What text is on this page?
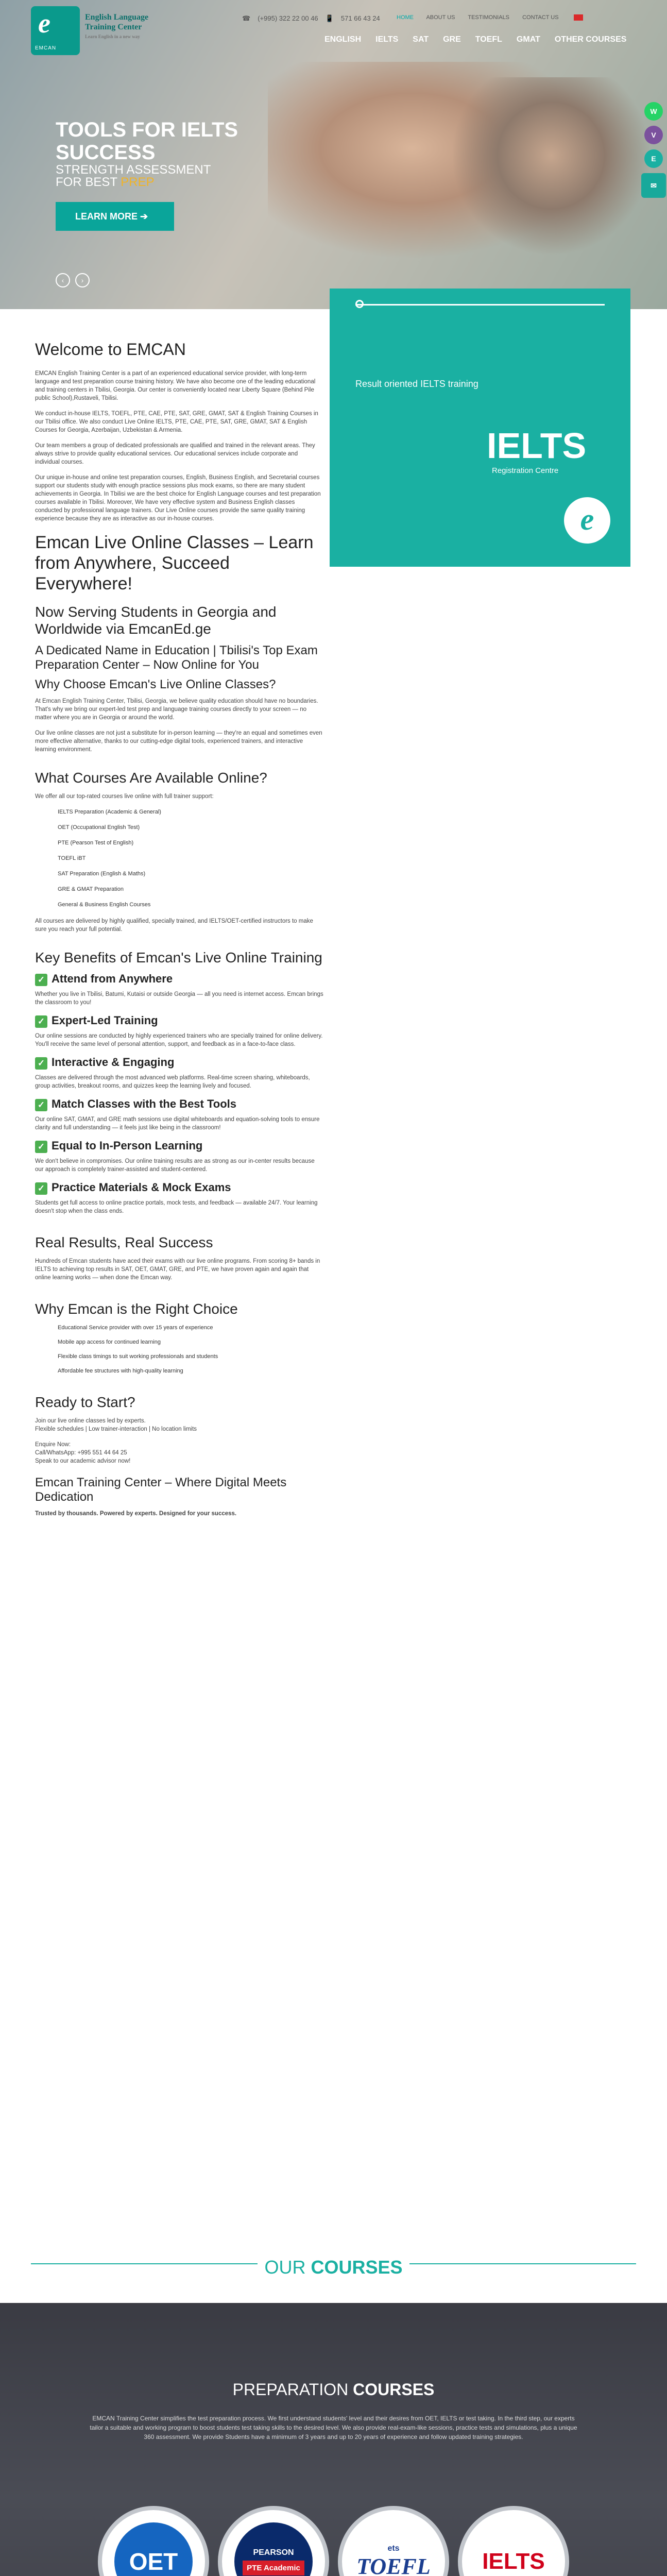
TOOLS FOR IELTS
SUCCESS
STRENGTH ASSESSMENT
FOR BEST PREP
LEARN MORE ➔
‹ ›
e
EMCAN
English Language
Training Center
Learn English in a new way
☎ (+995) 322 22 00 46 📱 571 66 43 24	HOME ABOUT US TESTIMONIALS CONTACT US
ENGLISH	IELTS	SAT	GRE	TOEFL	GMAT	OTHER COURSES
W
V
E
✉
Result oriented IELTS training
IELTS
Registration Centre
e
Welcome to EMCAN

EMCAN English Training Center is a part of an experienced educational service provider, with long-term language and test preparation course training history. We have also become one of the leading educational and training centers in Tbilisi, Georgia. Our center is conveniently located near Liberty Square (Behind Pile public School),Rustaveli, Tbilisi.

We conduct in-house IELTS, TOEFL, PTE, CAE, PTE, SAT, GRE, GMAT, SAT & English Training Courses in our Tbilisi office. We also conduct Live Online IELTS, PTE, CAE, PTE, SAT, GRE, GMAT, SAT & English Courses for Georgia, Azerbaijan, Uzbekistan & Armenia.

Our team members a group of dedicated professionals are qualified and trained in the relevant areas. They always strive to provide quality educational services. Our educational services include corporate and individual courses.

Our unique in-house and online test preparation courses, English, Business English, and Secretarial courses support our students study with enough practice sessions plus mock exams, so there are many student achievements in Georgia. In Tbilisi we are the best choice for English Language courses and test preparation courses available in Tbilisi. Moreover, We have very effective system and Business English classes conducted by professional language trainers. Our Live Online courses provide the same quality training experience because they are as interactive as our in-house courses.

Emcan Live Online Classes – Learn from Anywhere, Succeed Everywhere!
Now Serving Students in Georgia and Worldwide via EmcanEd.ge
A Dedicated Name in Education | Tbilisi's Top Exam Preparation Center – Now Online for You
Why Choose Emcan's Live Online Classes?

At Emcan English Training Center, Tbilisi, Georgia, we believe quality education should have no boundaries. That's why we bring our expert-led test prep and language training courses directly to your screen — no matter where you are in Georgia or around the world.

Our live online classes are not just a substitute for in-person learning — they're an equal and sometimes even more effective alternative, thanks to our cutting-edge digital tools, experienced trainers, and interactive learning environment.

What Courses Are Available Online?

We offer all our top-rated courses live online with full trainer support:

IELTS Preparation (Academic & General)
OET (Occupational English Test)
PTE (Pearson Test of English)
TOEFL iBT
SAT Preparation (English & Maths)
GRE & GMAT Preparation
General & Business English Courses

All courses are delivered by highly qualified, specially trained, and IELTS/OET-certified instructors to make sure you reach your full potential.

Key Benefits of Emcan's Live Online Training
✓ Attend from Anywhere

Whether you live in Tbilisi, Batumi, Kutaisi or outside Georgia — all you need is internet access. Emcan brings the classroom to you!

✓ Expert-Led Training

Our online sessions are conducted by highly experienced trainers who are specially trained for online delivery. You'll receive the same level of personal attention, support, and feedback as in a face-to-face class.

✓ Interactive & Engaging

Classes are delivered through the most advanced web platforms. Real-time screen sharing, whiteboards, group activities, breakout rooms, and quizzes keep the learning lively and focused.

✓ Match Classes with the Best Tools

Our online SAT, GMAT, and GRE math sessions use digital whiteboards and equation-solving tools to ensure clarity and full understanding — it feels just like being in the classroom!

✓ Equal to In-Person Learning

We don't believe in compromises. Our online training results are as strong as our in-center results because our approach is completely trainer-assisted and student-centered.

✓ Practice Materials & Mock Exams

Students get full access to online practice portals, mock tests, and feedback — available 24/7. Your learning doesn't stop when the class ends.

Real Results, Real Success

Hundreds of Emcan students have aced their exams with our live online programs. From scoring 8+ bands in IELTS to achieving top results in SAT, OET, GMAT, GRE, and PTE, we have proven again and again that online learning works — when done the Emcan way.

Why Emcan is the Right Choice
Educational Service provider with over 15 years of experience
Mobile app access for continued learning
Flexible class timings to suit working professionals and students
Affordable fee structures with high-quality learning
Ready to Start?

Join our live online classes led by experts.

Flexible schedules | Low trainer-interaction | No location limits

Enquire Now:

Call/WhatsApp: +995 551 44 64 25

Speak to our academic advisor now!

Emcan Training Center – Where Digital Meets Dedication

Trusted by thousands. Powered by experts. Designed for your success.

OUR COURSES
PREPARATION COURSES

EMCAN Training Center simplifies the test preparation process. We first understand students' level and their desires from OET, IELTS or test taking. In the third step, our experts tailor a suitable and working program to boost students test taking skills to the desired level. We also provide real-exam-like sessions, practice tests and simulations, plus a unique 360 assessment. We provide Students have a minimum of 3 years and up to 20 years of experience and follow updated training strategies.

OET	PEARSON
PTE Academic
ets
TOEFL	IELTS
